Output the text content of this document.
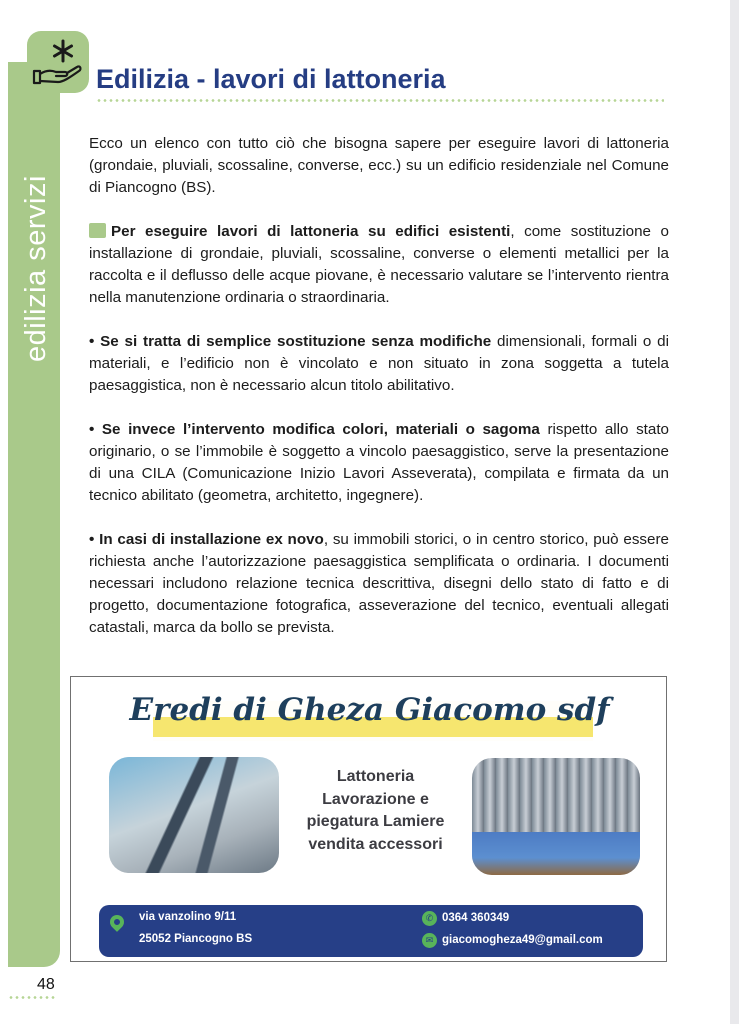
edilizia servizi
Edilizia - lavori di lattoneria

Ecco un elenco con tutto ciò che bisogna sapere per eseguire lavori di lattoneria (grondaie, pluviali, scossaline, converse, ecc.) su un edificio residenziale nel Comune di Piancogno (BS).

Per eseguire lavori di lattoneria su edifici esistenti, come sostituzione o installazione di grondaie, pluviali, scossaline, converse o elementi metallici per la raccolta e il deflusso delle acque piovane, è necessario valutare se l’intervento rientra nella manutenzione ordinaria o straordinaria.

• Se si tratta di semplice sostituzione senza modifiche dimensionali, formali o di materiali, e l’edificio non è vincolato e non situato in zona soggetta a tutela paesaggistica, non è necessario alcun titolo abilitativo.

• Se invece l’intervento modifica colori, materiali o sagoma rispetto allo stato originario, o se l’immobile è soggetto a vincolo paesaggistico, serve la presentazione di una CILA (Comunicazione Inizio Lavori Asseverata), compilata e firmata da un tecnico abilitato (geometra, architetto, ingegnere).

• In casi di installazione ex novo, su immobili storici, o in centro storico, può essere richiesta anche l’autorizzazione paesaggistica semplificata o ordinaria. I documenti necessari includono relazione tecnica descrittiva, disegni dello stato di fatto e di progetto, documentazione fotografica, asseverazione del tecnico, eventuali allegati catastali, marca da bollo se prevista.

Eredi di Gheza Giacomo sdf
Lattoneria
Lavorazione e
piegatura Lamiere
vendita accessori
via vanzolino 9/11
25052 Piancogno BS
✆ 0364 360349
✉ giacomogheza49@gmail.com
48
